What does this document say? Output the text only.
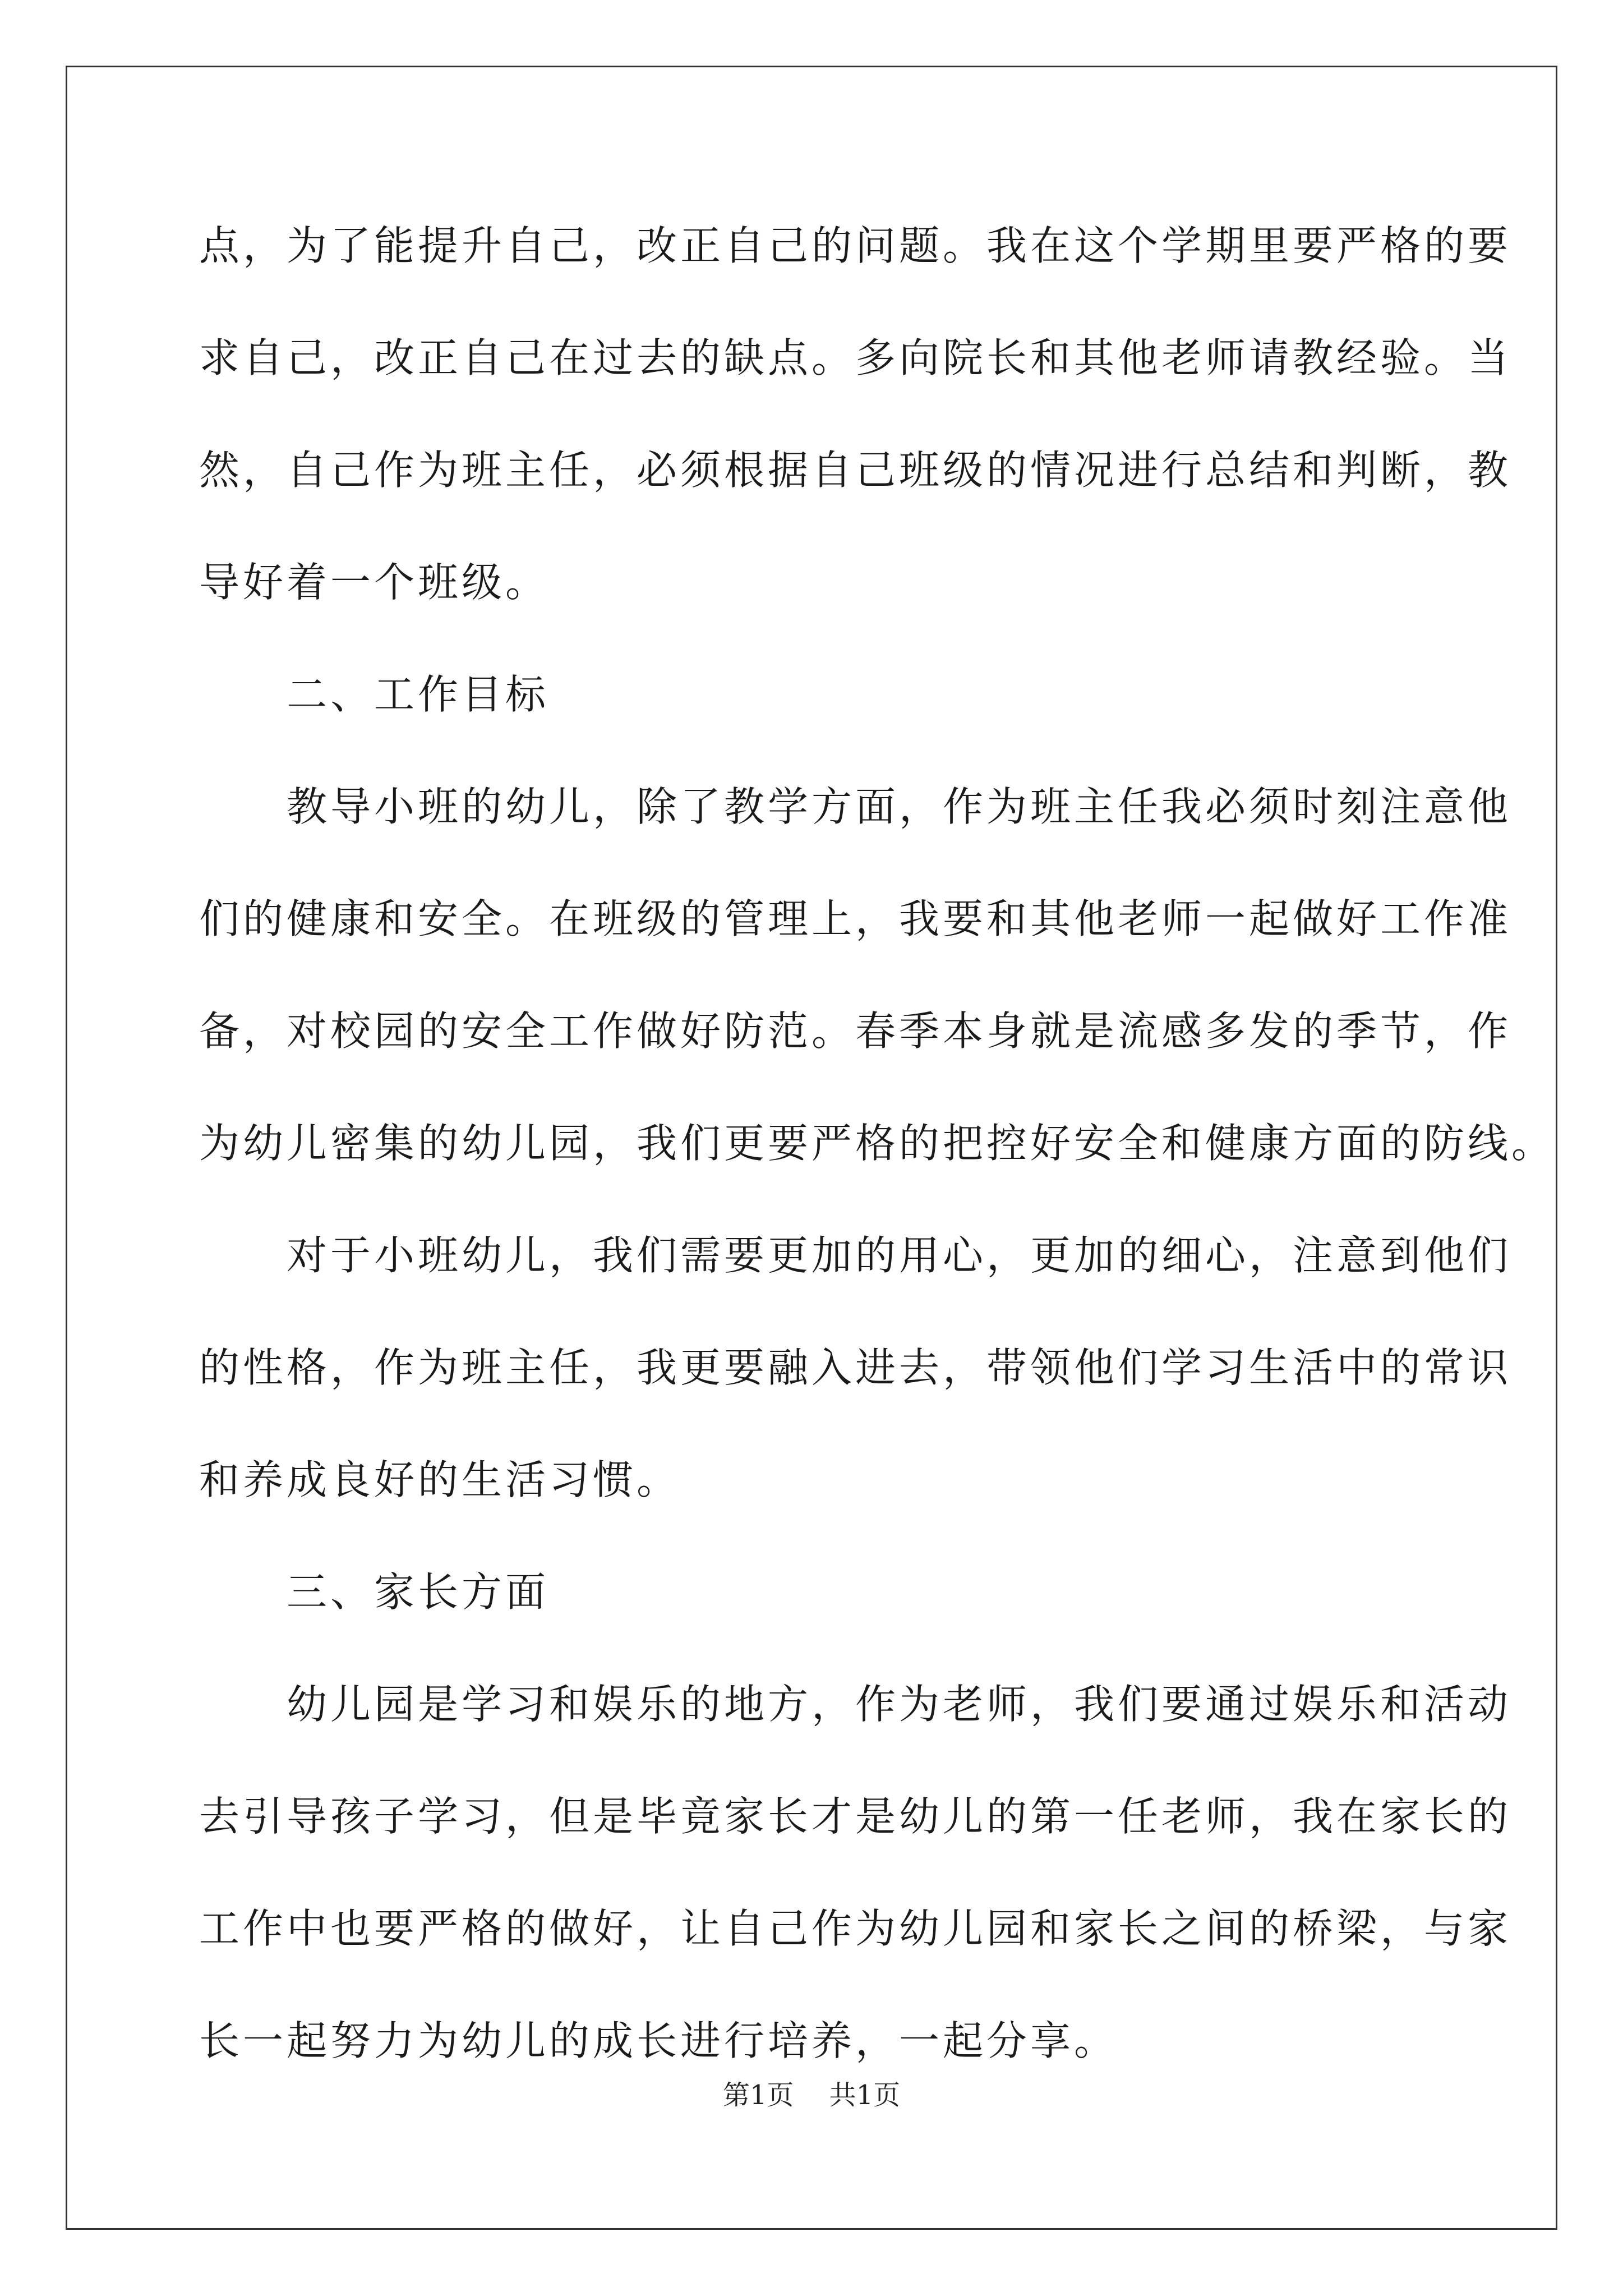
点，为了能提升自己，改正自己的问题。我在这个学期里要严格的要
求自己，改正自己在过去的缺点。多向院长和其他老师请教经验。当
然，自己作为班主任，必须根据自己班级的情况进行总结和判断，教
导好着一个班级。
　　二、工作目标
　　教导小班的幼儿，除了教学方面，作为班主任我必须时刻注意他
们的健康和安全。在班级的管理上，我要和其他老师一起做好工作准
备，对校园的安全工作做好防范。春季本身就是流感多发的季节，作
为幼儿密集的幼儿园，我们更要严格的把控好安全和健康方面的防线。
　　对于小班幼儿，我们需要更加的用心，更加的细心，注意到他们
的性格，作为班主任，我更要融入进去，带领他们学习生活中的常识
和养成良好的生活习惯。
　　三、家长方面
　　幼儿园是学习和娱乐的地方，作为老师，我们要通过娱乐和活动
去引导孩子学习，但是毕竟家长才是幼儿的第一任老师，我在家长的
工作中也要严格的做好，让自己作为幼儿园和家长之间的桥梁，与家
长一起努力为幼儿的成长进行培养，一起分享。
第1页 共1页
